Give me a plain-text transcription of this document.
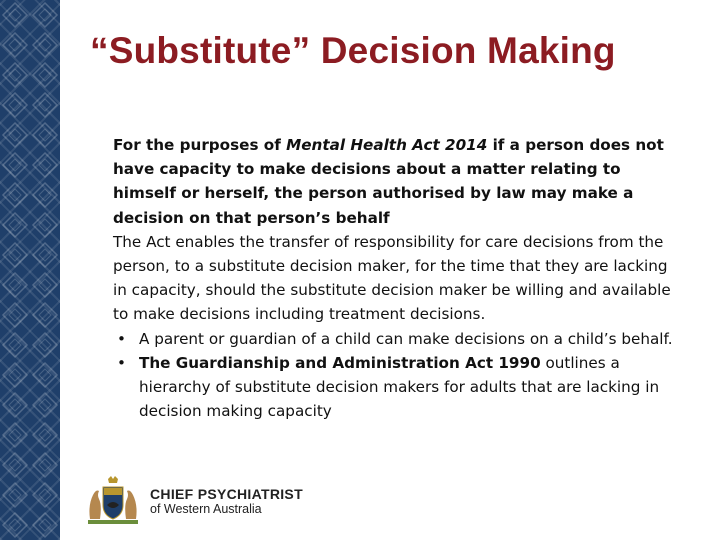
“Substitute” Decision Making

For the purposes of Mental Health Act 2014 if a person does not have capacity to make decisions about a matter relating to himself or herself, the person authorised by law may make a decision on that person’s behalf

The Act enables the transfer of responsibility for care decisions from the person, to a substitute decision maker, for the time that they are lacking in capacity, should the substitute decision maker be willing and available to make decisions including treatment decisions.

• A parent or guardian of a child can make decisions on a child’s behalf.
• The Guardianship and Administration Act 1990 outlines a hierarchy of substitute decision makers for adults that are lacking in decision making capacity
CHIEF PSYCHIATRIST
of Western Australia
